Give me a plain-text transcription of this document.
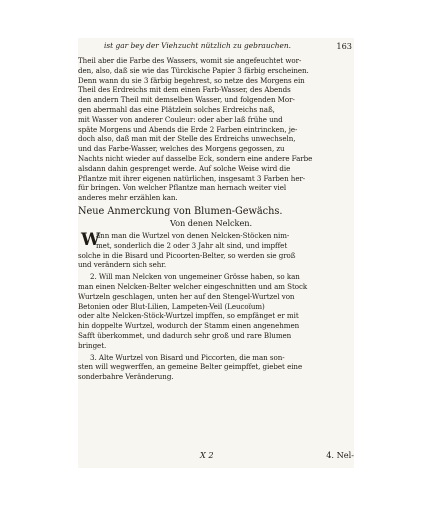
ist gar bey der Viehzucht nützlich zu gebrauchen.	163
Theil aber die Farbe des Wassers, womit sie angefeuchtet wor-
den, also, daß sie wie das Türckische Papier 3 färbig erscheinen.
Denn wann du sie 3 färbig begehrest, so netze des Morgens ein
Theil des Erdreichs mit dem einen Farb-Wasser, des Abends
den andern Theil mit demselben Wasser, und folgenden Mor-
gen abermahl das eine Plätzlein solches Erdreichs naß,
mit Wasser von anderer Couleur: oder aber laß frühe und
späte Morgens und Abends die Erde 2 Farben eintrincken, je-
doch also, daß man mit der Stelle des Erdreichs unwechseln,
und das Farbe-Wasser, welches des Morgens gegossen, zu
Nachts nicht wieder auf dasselbe Eck, sondern eine andere Farbe
alsdann dahin gesprenget werde. Auf solche Weise wird die
Pflantze mit ihrer eigenen natürlichen, insgesamt 3 Farben her-
für bringen. Von welcher Pflantze man hernach weiter viel
anderes mehr erzählen kan.
Neue Anmerckung von Blumen-Gewächs.
Von denen Nelcken.
W
ann man die Wurtzel von denen Nelcken-Stöcken nim-
met, sonderlich die 2 oder 3 Jahr alt sind, und impffet
solche in die Bisard und Picoorten-Belter, so werden sie groß
und verändern sich sehr.
2. Will man Nelcken von ungemeiner Grösse haben, so kan
man einen Nelcken-Belter welcher eingeschnitten und am Stock
Wurtzeln geschlagen, unten her auf den Stengel-Wurtzel von
Betonien oder Blut-Lilien, Lampeten-Veil (Leucoïum)
oder alte Nelcken-Stöck-Wurtzel impffen, so empfänget er mit
hin doppelte Wurtzel, wodurch der Stamm einen angenehmen
Safft überkommet, und dadurch sehr groß und rare Blumen
bringet.
3. Alte Wurtzel von Bisard und Piccorten, die man son-
sten will wegwerffen, an gemeine Belter geimpffet, giebet eine
sonderbahre Veränderung.
X 2	4. Nel-
